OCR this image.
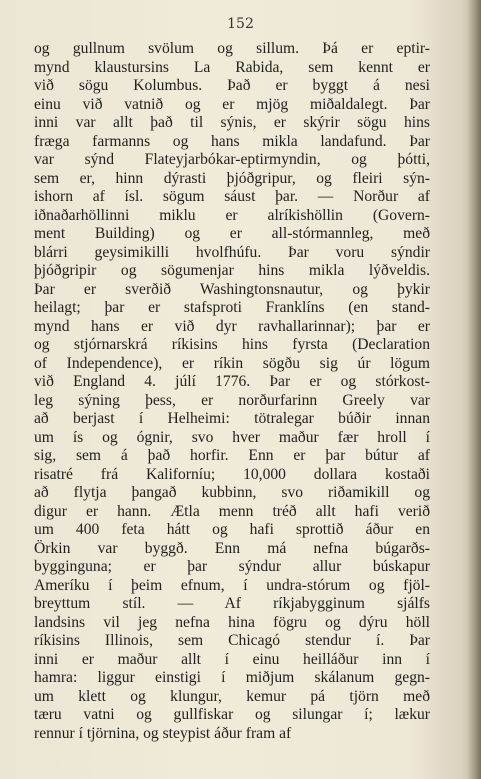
152
og gullnum svölum og sillum. Þá er eptir-
mynd klaustursins La Rabida, sem kennt er
við sögu Kolumbus. Það er byggt á nesi
einu við vatnið og er mjög miðaldalegt. Þar
inni var allt það til sýnis, er skýrir sögu hins
fræga farmanns og hans mikla landafund. Þar
var sýnd Flateyjarbókar-eptirmyndin, og þótti,
sem er, hinn dýrasti þjóðgripur, og fleiri sýn-
ishorn af ísl. sögum sáust þar. — Norður af
iðnaðarhöllinni miklu er alríkishöllin (Govern-
ment Building) og er all-stórmannleg, með
blárri geysimikilli hvolfhúfu. Þar voru sýndir
þjóðgripir og sögumenjar hins mikla lýðveldis.
Þar er sverðið Washingtonsnautur, og þykir
heilagt; þar er stafsproti Franklíns (en stand-
mynd hans er við dyr ravhallarinnar); þar er
og stjórnarskrá ríkisins hins fyrsta (Declaration
of Independence), er ríkin sögðu sig úr lögum
við England 4. júlí 1776. Þar er og stórkost-
leg sýning þess, er norðurfarinn Greely var
að berjast í Helheimi: tötralegar búðir innan
um ís og ógnir, svo hver maður fær hroll í
sig, sem á það horfir. Enn er þar bútur af
risatré frá Kaliforníu; 10,000 dollara kostaði
að flytja þangað kubbinn, svo riðamikill og
digur er hann. Ætla menn tréð allt hafi verið
um 400 feta hátt og hafi sprottið áður en
Örkin var byggð. Enn má nefna búgarðs-
bygginguna; er þar sýndur allur búskapur
Ameríku í þeim efnum, í undra-stórum og fjöl-
breyttum stíl. — Af ríkjabygginum sjálfs
landsins vil jeg nefna hina fögru og dýru höll
ríkisins Illinois, sem Chicagó stendur í. Þar
inni er maður allt í einu heilláður inn í
hamra: liggur einstigi í miðjum skálanum gegn-
um klett og klungur, kemur pá tjörn með
tæru vatni og gullfiskar og silungar í; lækur
rennur í tjörnina, og steypist áður fram af
